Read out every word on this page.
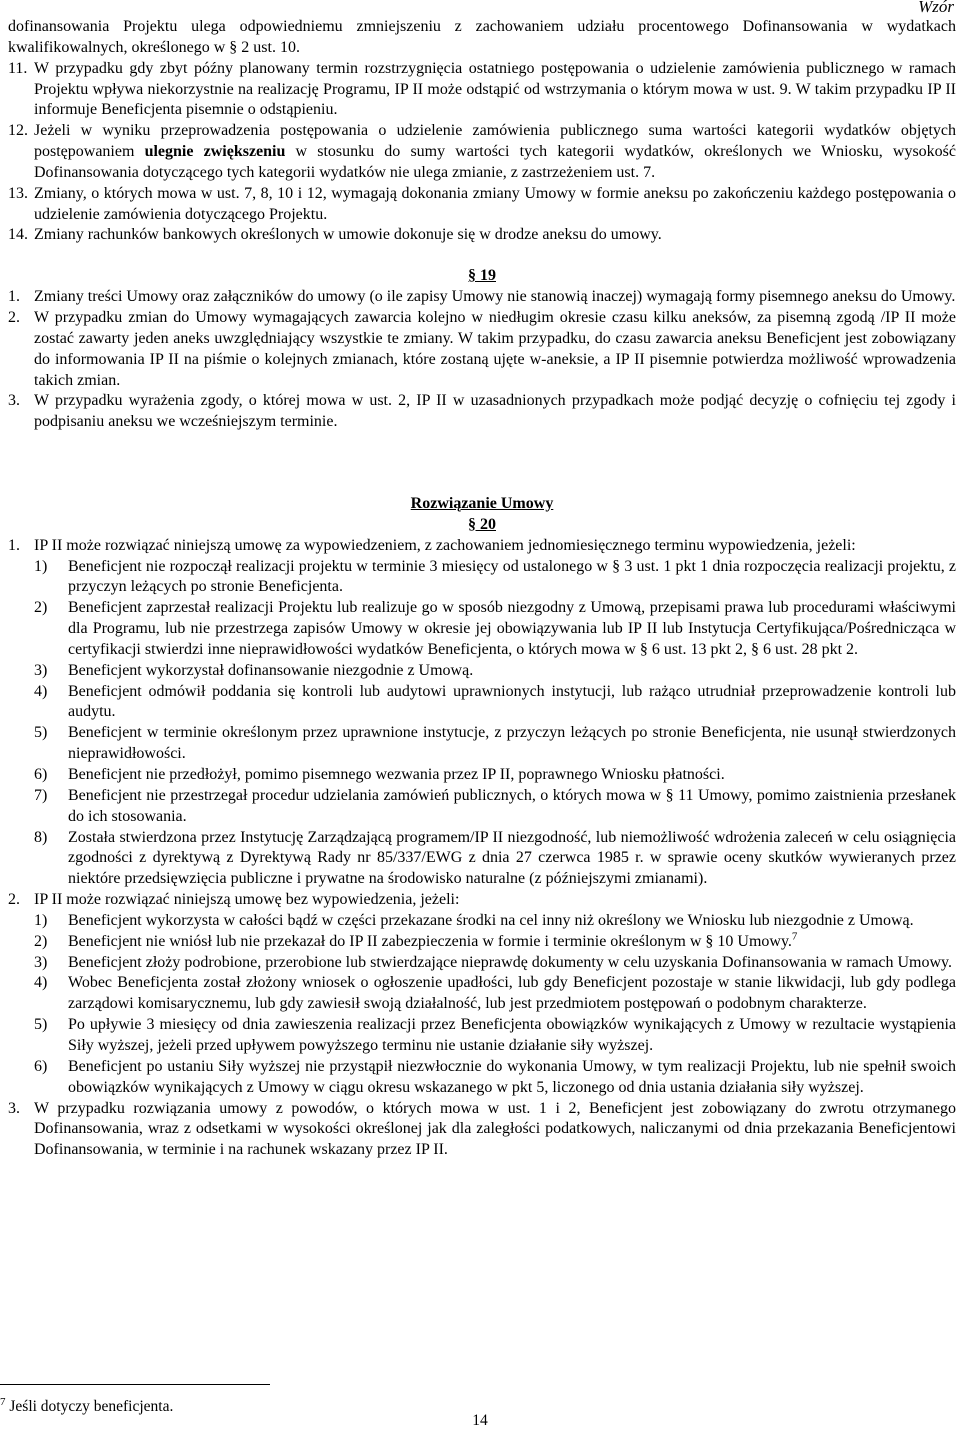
Wzór

dofinansowania Projektu ulega odpowiedniemu zmniejszeniu z zachowaniem udziału procentowego Dofinansowania w wydatkach kwalifikowalnych, określonego w § 2 ust. 10.

11. W przypadku gdy zbyt późny planowany termin rozstrzygnięcia ostatniego postępowania o udzielenie zamówienia publicznego w ramach Projektu wpływa niekorzystnie na realizację Programu, IP II może odstąpić od wstrzymania o którym mowa w ust. 9. W takim przypadku IP II informuje Beneficjenta pisemnie o odstąpieniu.

12. Jeżeli w wyniku przeprowadzenia postępowania o udzielenie zamówienia publicznego suma wartości kategorii wydatków objętych postępowaniem ulegnie zwiększeniu w stosunku do sumy wartości tych kategorii wydatków, określonych we Wniosku, wysokość Dofinansowania dotyczącego tych kategorii wydatków nie ulega zmianie, z zastrzeżeniem ust. 7.

13. Zmiany, o których mowa w ust. 7, 8, 10 i 12, wymagają dokonania zmiany Umowy w formie aneksu po zakończeniu każdego postępowania o udzielenie zamówienia dotyczącego Projektu.

14. Zmiany rachunków bankowych określonych w umowie dokonuje się w drodze aneksu do umowy.

§ 19

1. Zmiany treści Umowy oraz załączników do umowy (o ile zapisy Umowy nie stanowią inaczej) wymagają formy pisemnego aneksu do Umowy.

2. W przypadku zmian do Umowy wymagających zawarcia kolejno w niedługim okresie czasu kilku aneksów, za pisemną zgodą /IP II może zostać zawarty jeden aneks uwzględniający wszystkie te zmiany. W takim przypadku, do czasu zawarcia aneksu Beneficjent jest zobowiązany do informowania IP II na piśmie o kolejnych zmianach, które zostaną ujęte w-aneksie, a IP II pisemnie potwierdza możliwość wprowadzenia takich zmian.

3. W przypadku wyrażenia zgody, o której mowa w ust. 2, IP II w uzasadnionych przypadkach może podjąć decyzję o cofnięciu tej zgody i podpisaniu aneksu we wcześniejszym terminie.

Rozwiązanie Umowy

§ 20

1. IP II może rozwiązać niniejszą umowę za wypowiedzeniem, z zachowaniem jednomiesięcznego terminu wypowiedzenia, jeżeli:

1) Beneficjent nie rozpoczął realizacji projektu w terminie 3 miesięcy od ustalonego w § 3 ust. 1 pkt 1 dnia rozpoczęcia realizacji projektu, z przyczyn leżących po stronie Beneficjenta.

2) Beneficjent zaprzestał realizacji Projektu lub realizuje go w sposób niezgodny z Umową, przepisami prawa lub procedurami właściwymi dla Programu, lub nie przestrzega zapisów Umowy w okresie jej obowiązywania lub IP II lub Instytucja Certyfikująca/Pośrednicząca w certyfikacji stwierdzi inne nieprawidłowości wydatków Beneficjenta, o których mowa w § 6 ust. 13 pkt 2, § 6 ust. 28 pkt 2.

3) Beneficjent wykorzystał dofinansowanie niezgodnie z Umową.

4) Beneficjent odmówił poddania się kontroli lub audytowi uprawnionych instytucji, lub rażąco utrudniał przeprowadzenie kontroli lub audytu.

5) Beneficjent w terminie określonym przez uprawnione instytucje, z przyczyn leżących po stronie Beneficjenta, nie usunął stwierdzonych nieprawidłowości.

6) Beneficjent nie przedłożył, pomimo pisemnego wezwania przez IP II, poprawnego Wniosku płatności.

7) Beneficjent nie przestrzegał procedur udzielania zamówień publicznych, o których mowa w § 11 Umowy, pomimo zaistnienia przesłanek do ich stosowania.

8) Została stwierdzona przez Instytucję Zarządzającą programem/IP II niezgodność, lub niemożliwość wdrożenia zaleceń w celu osiągnięcia zgodności z dyrektywą z Dyrektywą Rady nr 85/337/EWG z dnia 27 czerwca 1985 r. w sprawie oceny skutków wywieranych przez niektóre przedsięwzięcia publiczne i prywatne na środowisko naturalne (z późniejszymi zmianami).

2. IP II może rozwiązać niniejszą umowę bez wypowiedzenia, jeżeli:

1) Beneficjent wykorzysta w całości bądź w części przekazane środki na cel inny niż określony we Wniosku lub niezgodnie z Umową.

2) Beneficjent nie wniósł lub nie przekazał do IP II zabezpieczenia w formie i terminie określonym w § 10 Umowy.$^7$

3) Beneficjent złoży podrobione, przerobione lub stwierdzające nieprawdę dokumenty w celu uzyskania Dofinansowania w ramach Umowy.

4) Wobec Beneficjenta został złożony wniosek o ogłoszenie upadłości, lub gdy Beneficjent pozostaje w stanie likwidacji, lub gdy podlega zarządowi komisarycznemu, lub gdy zawiesił swoją działalność, lub jest przedmiotem postępowań o podobnym charakterze.

5) Po upływie 3 miesięcy od dnia zawieszenia realizacji przez Beneficjenta obowiązków wynikających z Umowy w rezultacie wystąpienia Siły wyższej, jeżeli przed upływem powyższego terminu nie ustanie działanie siły wyższej.

6) Beneficjent po ustaniu Siły wyższej nie przystąpił niezwłocznie do wykonania Umowy, w tym realizacji Projektu, lub nie spełnił swoich obowiązków wynikających z Umowy w ciągu okresu wskazanego w pkt 5, liczonego od dnia ustania działania siły wyższej.

3. W przypadku rozwiązania umowy z powodów, o których mowa w ust. 1 i 2, Beneficjent jest zobowiązany do zwrotu otrzymanego Dofinansowania, wraz z odsetkami w wysokości określonej jak dla zaległości podatkowych, naliczanymi od dnia przekazania Beneficjentowi Dofinansowania, w terminie i na rachunek wskazany przez IP II.

$^7$ Jeśli dotyczy beneficjenta.
14
